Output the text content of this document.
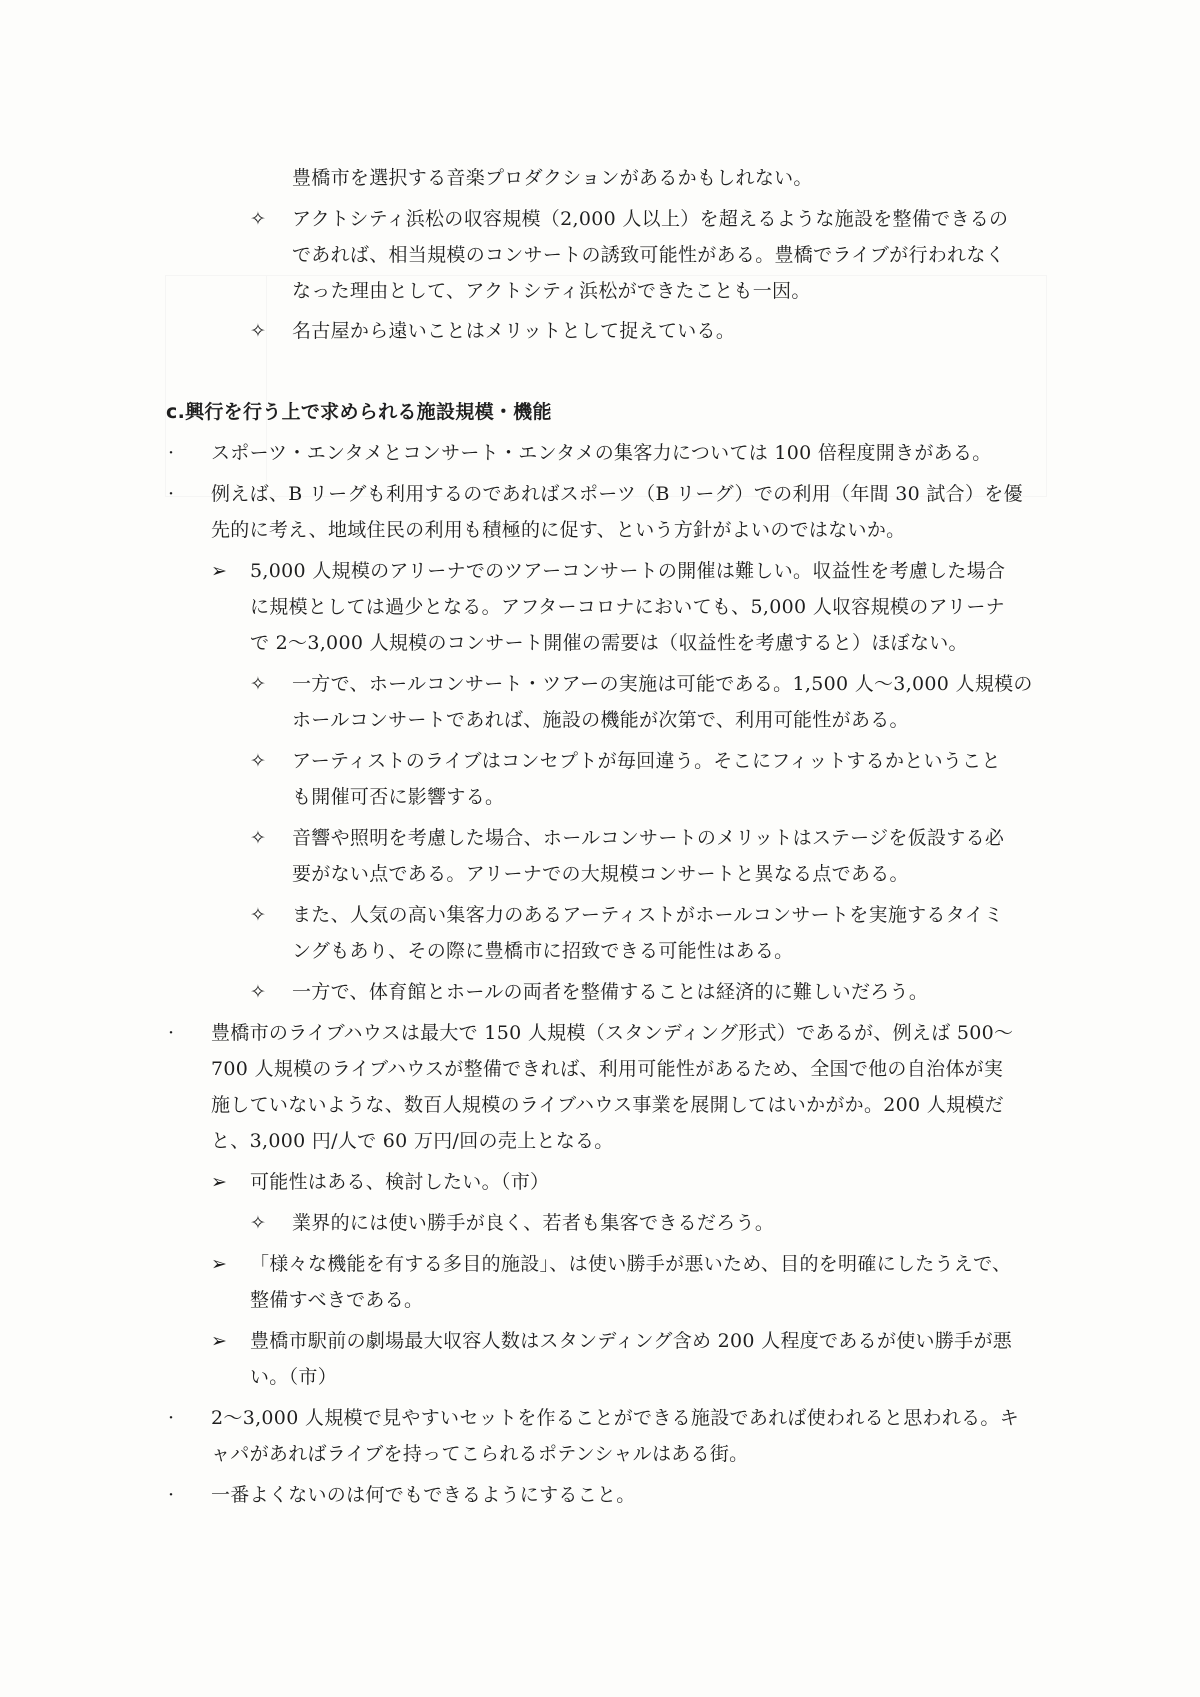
豊橋市を選択する音楽プロダクションがあるかもしれない。
✧ アクトシティ浜松の収容規模（2,000 人以上）を超えるような施設を整備できるの
であれば、相当規模のコンサートの誘致可能性がある。豊橋でライブが行われなく
なった理由として、アクトシティ浜松ができたことも一因。
✧ 名古屋から遠いことはメリットとして捉えている。
c.興行を行う上で求められる施設規模・機能
· スポーツ・エンタメとコンサート・エンタメの集客力については 100 倍程度開きがある。
· 例えば、B リーグも利用するのであればスポーツ（B リーグ）での利用（年間 30 試合）を優
先的に考え、地域住民の利用も積極的に促す、という方針がよいのではないか。
➢ 5,000 人規模のアリーナでのツアーコンサートの開催は難しい。収益性を考慮した場合
に規模としては過少となる。アフターコロナにおいても、5,000 人収容規模のアリーナ
で 2〜3,000 人規模のコンサート開催の需要は（収益性を考慮すると）ほぼない。
✧ 一方で、ホールコンサート・ツアーの実施は可能である。1,500 人〜3,000 人規模の
ホールコンサートであれば、施設の機能が次第で、利用可能性がある。
✧ アーティストのライブはコンセプトが毎回違う。そこにフィットするかということ
も開催可否に影響する。
✧ 音響や照明を考慮した場合、ホールコンサートのメリットはステージを仮設する必
要がない点である。アリーナでの大規模コンサートと異なる点である。
✧ また、人気の高い集客力のあるアーティストがホールコンサートを実施するタイミ
ングもあり、その際に豊橋市に招致できる可能性はある。
✧ 一方で、体育館とホールの両者を整備することは経済的に難しいだろう。
· 豊橋市のライブハウスは最大で 150 人規模（スタンディング形式）であるが、例えば 500〜
700 人規模のライブハウスが整備できれば、利用可能性があるため、全国で他の自治体が実
施していないような、数百人規模のライブハウス事業を展開してはいかがか。200 人規模だ
と、3,000 円/人で 60 万円/回の売上となる。
➢ 可能性はある、検討したい。（市）
✧ 業界的には使い勝手が良く、若者も集客できるだろう。
➢ 「様々な機能を有する多目的施設」、は使い勝手が悪いため、目的を明確にしたうえで、
整備すべきである。
➢ 豊橋市駅前の劇場最大収容人数はスタンディング含め 200 人程度であるが使い勝手が悪
い。（市）
· 2〜3,000 人規模で見やすいセットを作ることができる施設であれば使われると思われる。キ
ャパがあればライブを持ってこられるポテンシャルはある街。
· 一番よくないのは何でもできるようにすること。
